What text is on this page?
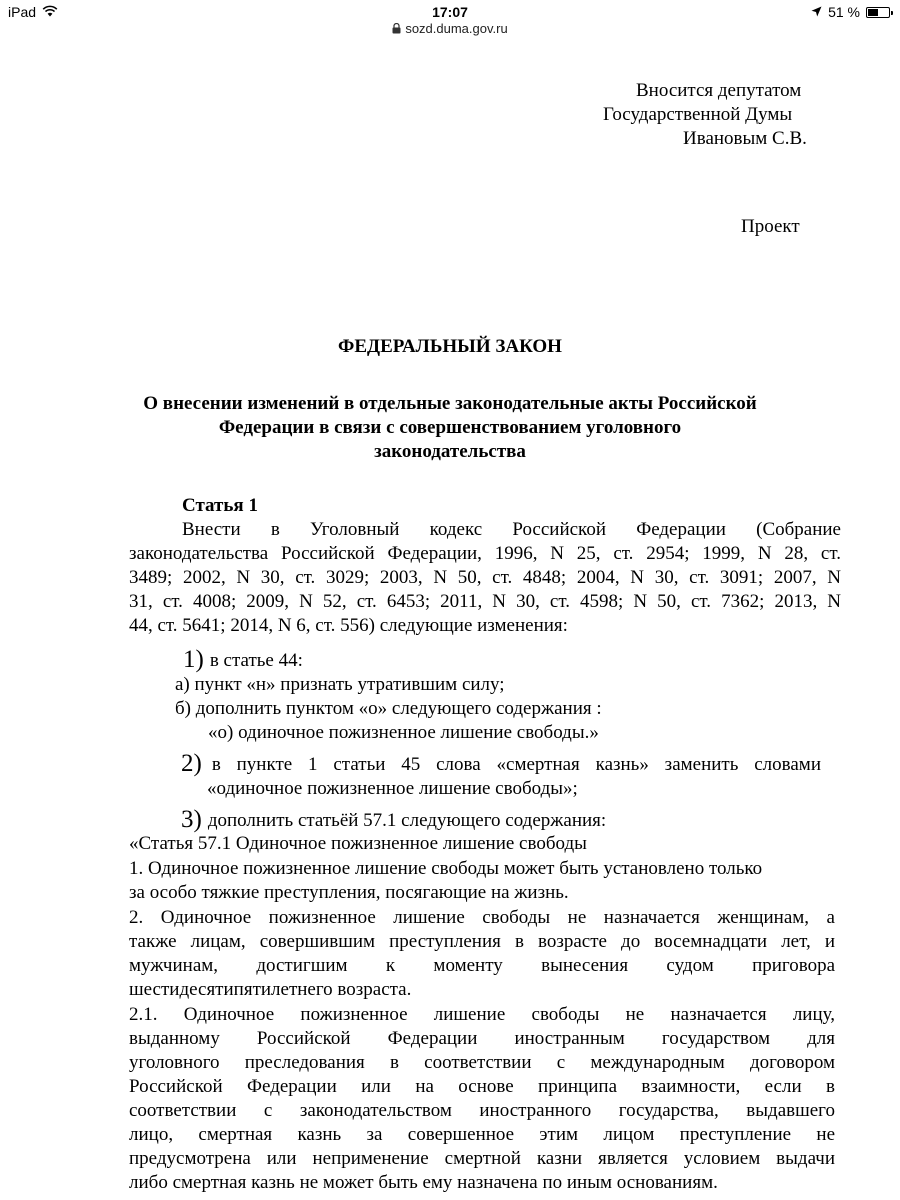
iPad	17:07	51 %
sozd.duma.gov.ru
Вносится депутатом
Государственной Думы
Ивановым С.В.
Проект
ФЕДЕРАЛЬНЫЙ ЗАКОН
О внесении изменений в отдельные законодательные акты Российской
Федерации в связи с совершенствованием уголовного
законодательства
Статья 1
Внести в Уголовный кодекс Российской Федерации (Собрание
законодательства Российской Федерации, 1996, N 25, ст. 2954; 1999, N 28, ст.
3489; 2002, N 30, ст. 3029; 2003, N 50, ст. 4848; 2004, N 30, ст. 3091; 2007, N
31, ст. 4008; 2009, N 52, ст. 6453; 2011, N 30, ст. 4598; N 50, ст. 7362; 2013, N
44, ст. 5641; 2014, N 6, ст. 556) следующие изменения:
1) в статье 44:
а) пункт «н» признать утратившим силу;
б) дополнить пунктом «о» следующего содержания :
«о) одиночное пожизненное лишение свободы.»
2) в пункте 1 статьи 45 слова «смертная казнь» заменить словами
«одиночное пожизненное лишение свободы»;
3) дополнить статьёй 57.1 следующего содержания:
«Статья 57.1 Одиночное пожизненное лишение свободы
1. Одиночное пожизненное лишение свободы может быть установлено только
за особо тяжкие преступления, посягающие на жизнь.
2. Одиночное пожизненное лишение свободы не назначается женщинам, а
также лицам, совершившим преступления в возрасте до восемнадцати лет, и
мужчинам, достигшим к моменту вынесения судом приговора
шестидесятипятилетнего возраста.
2.1. Одиночное пожизненное лишение свободы не назначается лицу,
выданному Российской Федерации иностранным государством для
уголовного преследования в соответствии с международным договором
Российской Федерации или на основе принципа взаимности, если в
соответствии с законодательством иностранного государства, выдавшего
лицо, смертная казнь за совершенное этим лицом преступление не
предусмотрена или неприменение смертной казни является условием выдачи
либо смертная казнь не может быть ему назначена по иным основаниям.
